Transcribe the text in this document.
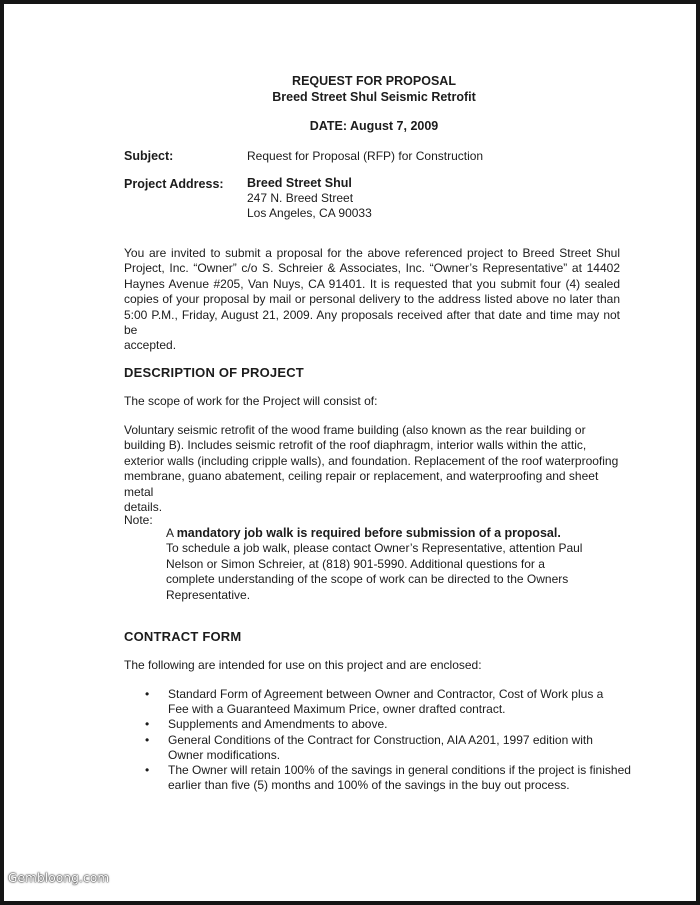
REQUEST FOR PROPOSAL
Breed Street Shul Seismic Retrofit
DATE: August 7, 2009
Subject:	Request for Proposal (RFP) for Construction
Project Address: Breed Street Shul
247 N. Breed Street
Los Angeles, CA 90033
You are invited to submit a proposal for the above referenced project to Breed Street Shul
Project, Inc. “Owner” c/o S. Schreier & Associates, Inc. “Owner’s Representative” at 14402
Haynes Avenue #205, Van Nuys, CA 91401. It is requested that you submit four (4) sealed
copies of your proposal by mail or personal delivery to the address listed above no later than
5:00 P.M., Friday, August 21, 2009. Any proposals received after that date and time may not be
accepted.
DESCRIPTION OF PROJECT
The scope of work for the Project will consist of:
Voluntary seismic retrofit of the wood frame building (also known as the rear building or
building B). Includes seismic retrofit of the roof diaphragm, interior walls within the attic,
exterior walls (including cripple walls), and foundation. Replacement of the roof waterproofing
membrane, guano abatement, ceiling repair or replacement, and waterproofing and sheet metal
details.
Note:
A mandatory job walk is required before submission of a proposal.
To schedule a job walk, please contact Owner’s Representative, attention Paul
Nelson or Simon Schreier, at (818) 901-5990. Additional questions for a
complete understanding of the scope of work can be directed to the Owners
Representative.
CONTRACT FORM
The following are intended for use on this project and are enclosed:
• Standard Form of Agreement between Owner and Contractor, Cost of Work plus a
Fee with a Guaranteed Maximum Price, owner drafted contract.
• Supplements and Amendments to above.
• General Conditions of the Contract for Construction, AIA A201, 1997 edition with
Owner modifications.
• The Owner will retain 100% of the savings in general conditions if the project is finished
earlier than five (5) months and 100% of the savings in the buy out process.
Gembloong.com
